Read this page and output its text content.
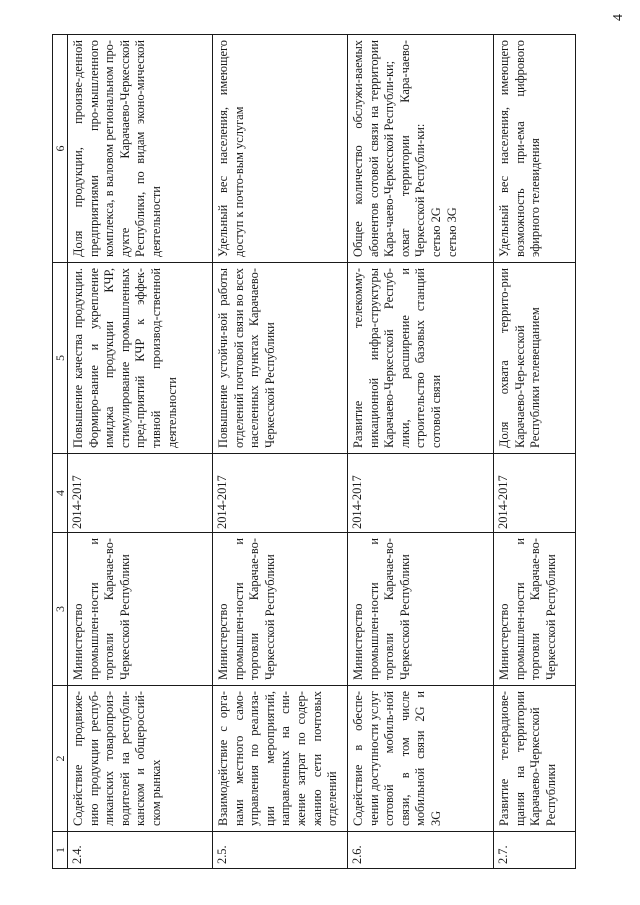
4
1	2	3	4	5	6
2.4.	Содействие продвиже-нию продукции респуб-ликанских товаропроиз-водителей на республи-канском и общероссий-ском рынках	Министерство промышлен-ности и торговли Карачае-во-Черкесской Республики	2014-2017	Повышение качества продукции. Формиро-вание и укрепление имиджа продукции КЧР, стимулирование промышленных пред-приятий КЧР к эффек-тивной производ-ственной деятельности	Доля продукции, произве-денной предприятиями про-мышленного комплекса, в валовом региональном про-дукте Карачаево-Черкесской Республики, по видам эконо-мической деятельности
2.5.	Взаимодействие с орга-нами местного само-управления по реализа-ции мероприятий, направленных на сни-жение затрат по содер-жанию сети почтовых отделений	Министерство промышлен-ности и торговли Карачае-во-Черкесской Республики	2014-2017	Повышение устойчи-вой работы отделений почтовой связи во всех населенных пунктах Карачаево-Черкесской Республики	Удельный вес населения, имеющего доступ к почто-вым услугам
2.6.	Содействие в обеспе-чении доступности услуг сотовой мобиль-ной связи, в том числе мобильной связи 2G и 3G	Министерство промышлен-ности и торговли Карачае-во-Черкесской Республики	2014-2017	Развитие телекомму-никационной инфра-структуры Карачаево-Черкесской Респуб-лики, расширение и строительство базовых станций сотовой связи	Общее количество обслужи-ваемых абонентов сотовой связи на территории Кара-чаево-Черкесской Республи-ки; охват территории Кара-чаево-Черкесской Республи-ки: сетью 2G сетью 3G

2.7.	Развитие телерадиове-щания на территории Карачаево-Черкесской Республики	Министерство промышлен-ности и торговли Карачае-во-Черкесской Республики	2014-2017	Доля охвата террито-рии Карачаево-Чер-кесской Республики телевещанием	Удельный вес населения, имеющего возможность при-ема цифрового эфирного телевидения
